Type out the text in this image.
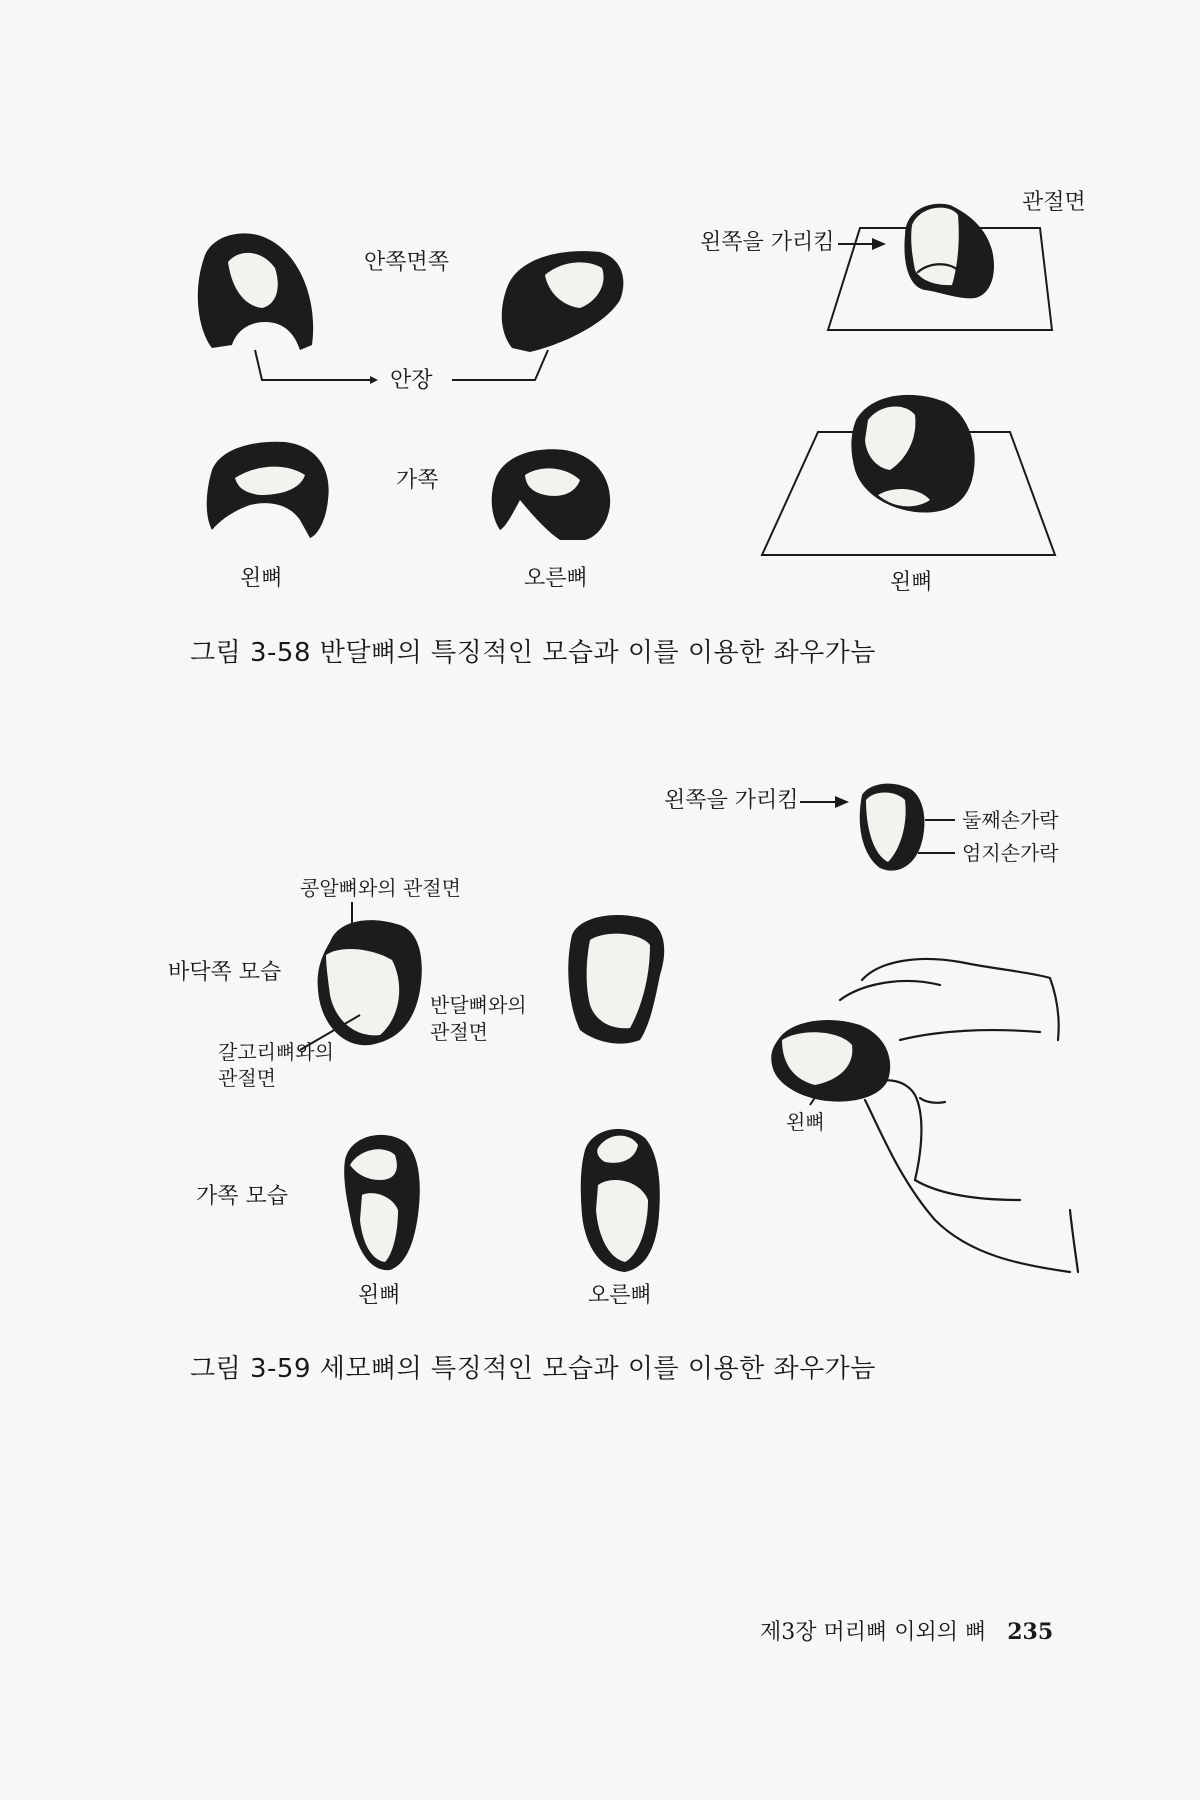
안쪽면쪽
안장
가쪽
왼뼈	오른뼈
관절면
왼쪽을 가리킴
왼뼈
그림 3-58 반달뼈의 특징적인 모습과 이를 이용한 좌우가늠
왼쪽을 가리킴
둘째손가락
엄지손가락
콩알뼈와의 관절면
바닥쪽 모습
반달뼈와의
관절면
갈고리뼈와의
관절면
가쪽 모습
왼뼈	오른뼈
왼뼈
그림 3-59 세모뼈의 특징적인 모습과 이를 이용한 좌우가늠
제3장 머리뼈 이외의 뼈 235
